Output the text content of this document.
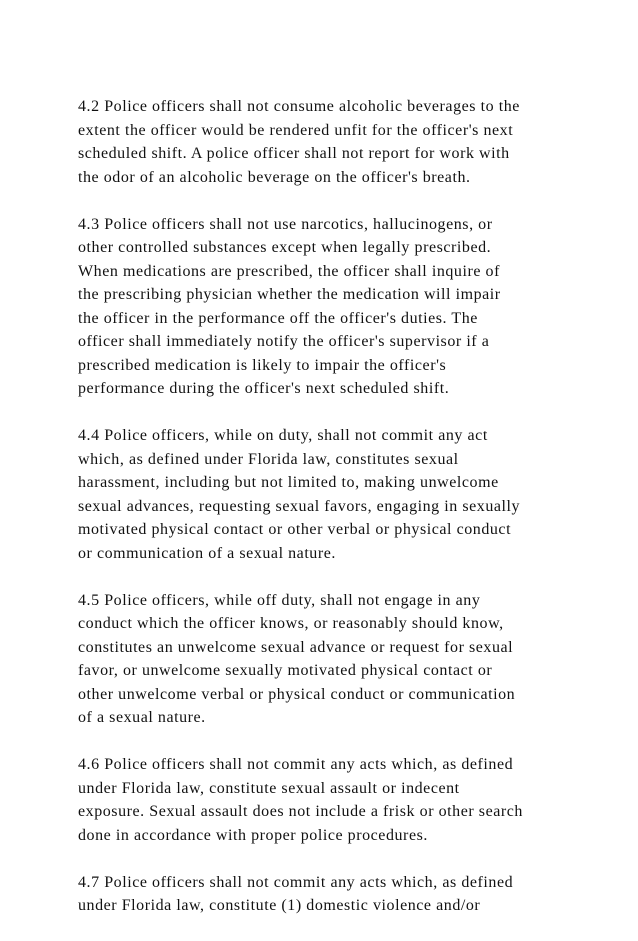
4.2 Police officers shall not consume alcoholic beverages to the
extent the officer would be rendered unfit for the officer's next
scheduled shift. A police officer shall not report for work with
the odor of an alcoholic beverage on the officer's breath.
4.3 Police officers shall not use narcotics, hallucinogens, or
other controlled substances except when legally prescribed.
When medications are prescribed, the officer shall inquire of
the prescribing physician whether the medication will impair
the officer in the performance off the officer's duties. The
officer shall immediately notify the officer's supervisor if a
prescribed medication is likely to impair the officer's
performance during the officer's next scheduled shift.
4.4 Police officers, while on duty, shall not commit any act
which, as defined under Florida law, constitutes sexual
harassment, including but not limited to, making unwelcome
sexual advances, requesting sexual favors, engaging in sexually
motivated physical contact or other verbal or physical conduct
or communication of a sexual nature.
4.5 Police officers, while off duty, shall not engage in any
conduct which the officer knows, or reasonably should know,
constitutes an unwelcome sexual advance or request for sexual
favor, or unwelcome sexually motivated physical contact or
other unwelcome verbal or physical conduct or communication
of a sexual nature.
4.6 Police officers shall not commit any acts which, as defined
under Florida law, constitute sexual assault or indecent
exposure. Sexual assault does not include a frisk or other search
done in accordance with proper police procedures.
4.7 Police officers shall not commit any acts which, as defined
under Florida law, constitute (1) domestic violence and/or
